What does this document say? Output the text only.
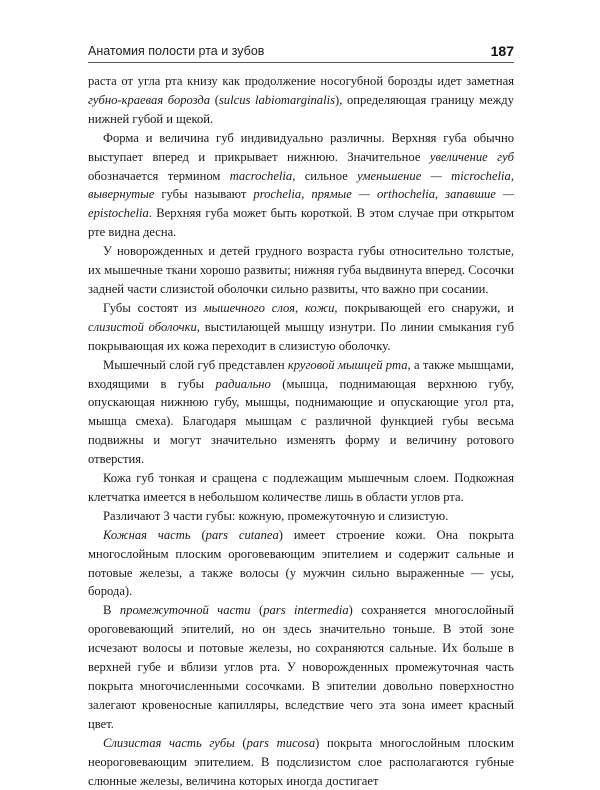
Анатомия полости рта и зубов	187

раста от угла рта книзу как продолжение носогубной борозды идет заметная губно-краевая борозда (sulcus labiomarginalis), определяющая границу между нижней губой и щекой.

Форма и величина губ индивидуально различны. Верхняя губа обычно выступает вперед и прикрывает нижнюю. Значительное увеличение губ обозначается термином macrochelia, сильное уменьшение — microchelia, вывернутые губы называют prochelia, прямые — orthochelia, запавшие — epistochelia. Верхняя губа может быть короткой. В этом случае при открытом рте видна десна.

У новорожденных и детей грудного возраста губы относительно толстые, их мышечные ткани хорошо развиты; нижняя губа выдвинута вперед. Сосочки задней части слизистой оболочки сильно развиты, что важно при сосании.

Губы состоят из мышечного слоя, кожи, покрывающей его снаружи, и слизистой оболочки, выстилающей мышцу изнутри. По линии смыкания губ покрывающая их кожа переходит в слизистую оболочку.

Мышечный слой губ представлен круговой мышцей рта, а также мышцами, входящими в губы радиально (мышца, поднимающая верхнюю губу, опускающая нижнюю губу, мышцы, поднимающие и опускающие угол рта, мышца смеха). Благодаря мышцам с различной функцией губы весьма подвижны и могут значительно изменять форму и величину ротового отверстия.

Кожа губ тонкая и сращена с подлежащим мышечным слоем. Подкожная клетчатка имеется в небольшом количестве лишь в области углов рта.

Различают 3 части губы: кожную, промежуточную и слизистую.

Кожная часть (pars cutanea) имеет строение кожи. Она покрыта многослойным плоским ороговевающим эпителием и содержит сальные и потовые железы, а также волосы (у мужчин сильно выраженные — усы, борода).

В промежуточной части (pars intermedia) сохраняется многослойный ороговевающий эпителий, но он здесь значительно тоньше. В этой зоне исчезают волосы и потовые железы, но сохраняются сальные. Их больше в верхней губе и вблизи углов рта. У новорожденных промежуточная часть покрыта многочисленными сосочками. В эпителии довольно поверхностно залегают кровеносные капилляры, вследствие чего эта зона имеет красный цвет.

Слизистая часть губы (pars mucosa) покрыта многослойным плоским неороговевающим эпителием. В подслизистом слое располагаются губные слюнные железы, величина которых иногда достигает
